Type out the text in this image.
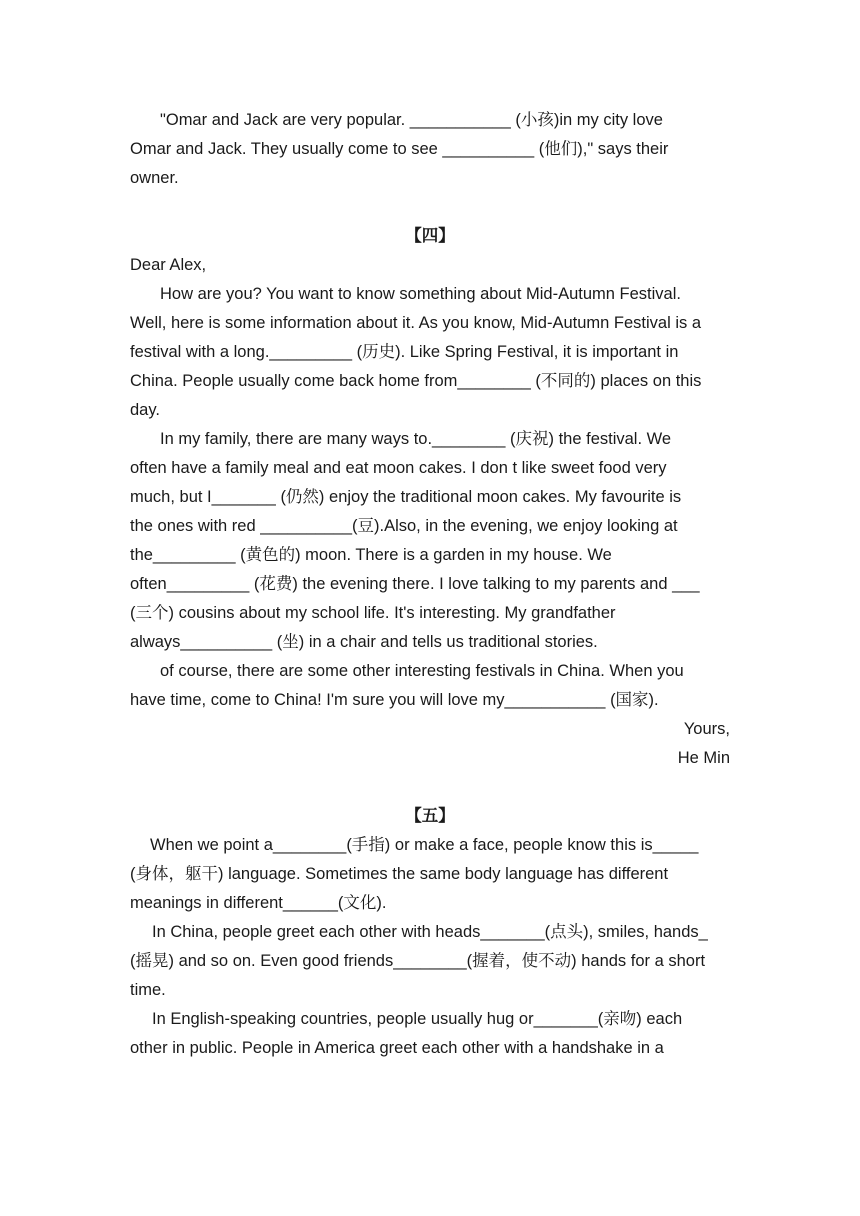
"Omar and Jack are very popular. ___________ (小孩)in my city love
Omar and Jack. They usually come to see __________ (他们)," says their
owner.
【四】
Dear Alex,
How are you? You want to know something about Mid-Autumn Festival.
Well, here is some information about it. As you know, Mid-Autumn Festival is a
festival with a long._________ (历史). Like Spring Festival, it is important in
China. People usually come back home from________ (不同的) places on this
day.
In my family, there are many ways to.________ (庆祝) the festival. We
often have a family meal and eat moon cakes. I don t like sweet food very
much, but I_______ (仍然) enjoy the traditional moon cakes. My favourite is
the ones with red __________(豆).Also, in the evening, we enjoy looking at
the_________ (黄色的) moon. There is a garden in my house. We
often_________ (花费) the evening there. I love talking to my parents and ___
(三个) cousins about my school life. It's interesting. My grandfather
always__________ (坐) in a chair and tells us traditional stories.
of course, there are some other interesting festivals in China. When you
have time, come to China! I'm sure you will love my___________ (国家).
Yours,
He Min
【五】
When we point a________(手指) or make a face, people know this is_____
(身体，躯干) language. Sometimes the same body language has different
meanings in different______(文化).
In China, people greet each other with heads_______(点头), smiles, hands_
(摇晃) and so on. Even good friends________(握着，使不动) hands for a short
time.
In English-speaking countries, people usually hug or_______(亲吻) each
other in public. People in America greet each other with a handshake in a
